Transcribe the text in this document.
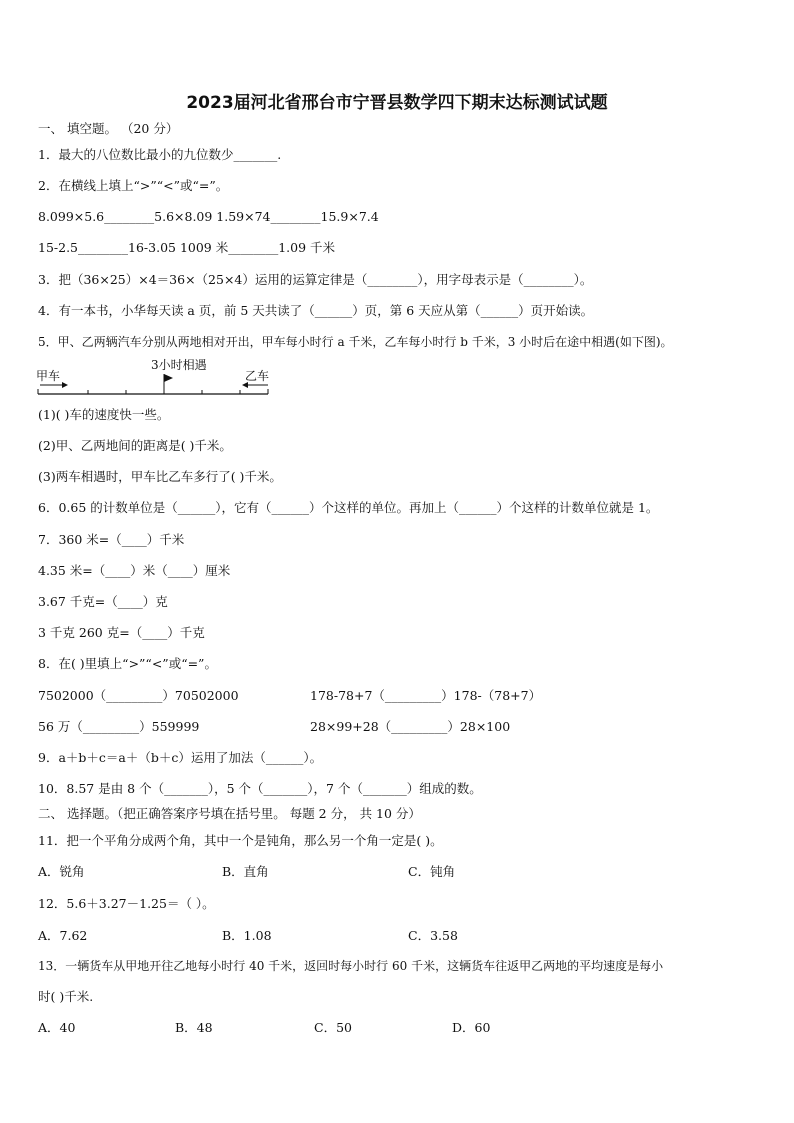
2023届河北省邢台市宁晋县数学四下期末达标测试试题
一、 填空题。 （20 分）
1．最大的八位数比最小的九位数少_______.
2．在横线上填上“>”“<”或“=”。
8.099×5.6________5.6×8.09 1.59×74________15.9×7.4
15-2.5________16-3.05 1009 米________1.09 千米
3．把（36×25）×4＝36×（25×4）运用的运算定律是（________），用字母表示是（________）。
4．有一本书，小华每天读 a 页，前 5 天共读了（______）页，第 6 天应从第（______）页开始读。
5．甲、乙两辆汽车分别从两地相对开出，甲车每小时行 a 千米，乙车每小时行 b 千米，3 小时后在途中相遇(如下图)。
甲车
3小时相遇
乙车
(1)( )车的速度快一些。
(2)甲、乙两地间的距离是( )千米。
(3)两车相遇时，甲车比乙车多行了( )千米。
6．0.65 的计数单位是（______），它有（______）个这样的单位。再加上（______）个这样的计数单位就是 1。
7．360 米=（____）千米
4.35 米=（____）米（____）厘米
3.67 千克=（____）克
3 千克 260 克=（____）千克
8．在( )里填上“>”“<”或“=”。
7502000（_________）70502000	178-78+7（_________）178-（78+7）
56 万（_________）559999	28×99+28（_________）28×100
9．a＋b＋c＝a＋（b＋c）运用了加法（______）。
10．8.57 是由 8 个（_______），5 个（_______），7 个（_______）组成的数。
二、 选择题。（把正确答案序号填在括号里。 每题 2 分， 共 10 分）
11．把一个平角分成两个角，其中一个是钝角，那么另一个角一定是( )。
A．锐角	B．直角	C．钝角
12．5.6＋3.27－1.25＝（ ）。
A．7.62	B．1.08	C．3.58
13．一辆货车从甲地开往乙地每小时行 40 千米，返回时每小时行 60 千米，这辆货车往返甲乙两地的平均速度是每小
时( )千米.
A．40	B．48	C．50	D．60
